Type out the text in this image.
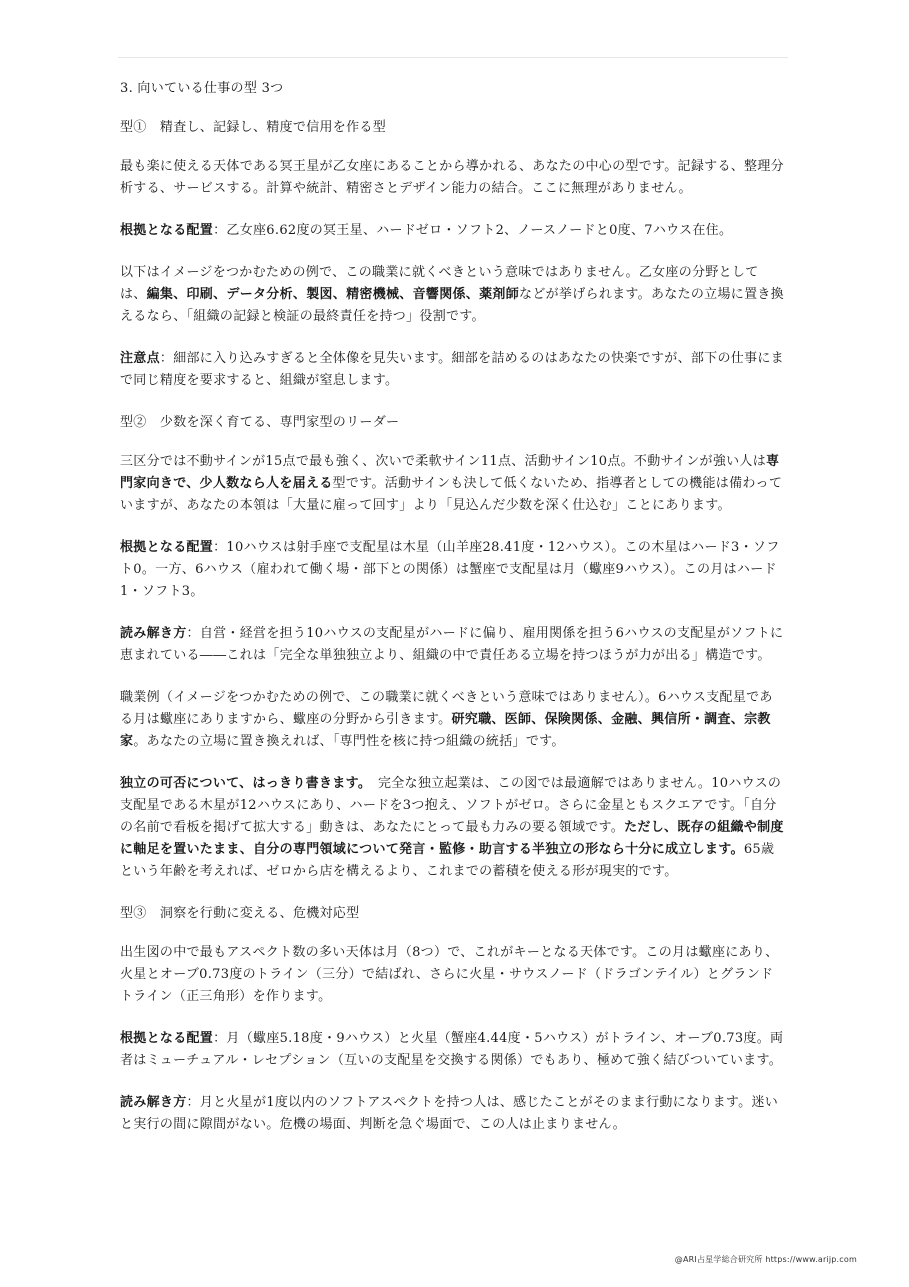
3. 向いている仕事の型 3つ

型①　精査し、記録し、精度で信用を作る型

最も楽に使える天体である冥王星が乙女座にあることから導かれる、あなたの中心の型です。記録する、整理分析する、サービスする。計算や統計、精密さとデザイン能力の結合。ここに無理がありません。

根拠となる配置：乙女座6.62度の冥王星、ハードゼロ・ソフト2、ノースノードと0度、7ハウス在住。

以下はイメージをつかむための例で、この職業に就くべきという意味ではありません。乙女座の分野としては、編集、印刷、データ分析、製図、精密機械、音響関係、薬剤師などが挙げられます。あなたの立場に置き換えるなら、「組織の記録と検証の最終責任を持つ」役割です。

注意点：細部に入り込みすぎると全体像を見失います。細部を詰めるのはあなたの快楽ですが、部下の仕事にまで同じ精度を要求すると、組織が窒息します。

型②　少数を深く育てる、専門家型のリーダー

三区分では不動サインが15点で最も強く、次いで柔軟サイン11点、活動サイン10点。不動サインが強い人は専門家向きで、少人数なら人を届える型です。活動サインも決して低くないため、指導者としての機能は備わっていますが、あなたの本領は「大量に雇って回す」より「見込んだ少数を深く仕込む」ことにあります。

根拠となる配置：10ハウスは射手座で支配星は木星（山羊座28.41度・12ハウス）。この木星はハード3・ソフト0。一方、6ハウス（雇われて働く場・部下との関係）は蟹座で支配星は月（蠍座9ハウス）。この月はハード1・ソフト3。

読み解き方：自営・経営を担う10ハウスの支配星がハードに偏り、雇用関係を担う6ハウスの支配星がソフトに恵まれている――これは「完全な単独独立より、組織の中で責任ある立場を持つほうが力が出る」構造です。

職業例（イメージをつかむための例で、この職業に就くべきという意味ではありません）。6ハウス支配星である月は蠍座にありますから、蠍座の分野から引きます。研究職、医師、保険関係、金融、興信所・調査、宗教家。あなたの立場に置き換えれば、「専門性を核に持つ組織の統括」です。

独立の可否について、はっきり書きます。　 完全な独立起業は、この図では最適解ではありません。10ハウスの支配星である木星が12ハウスにあり、ハードを3つ抱え、ソフトがゼロ。さらに金星ともスクエアです。「自分の名前で看板を掲げて拡大する」動きは、あなたにとって最も力みの要る領域です。ただし、既存の組織や制度に軸足を置いたまま、自分の専門領域について発言・監修・助言する半独立の形なら十分に成立します。65歳という年齢を考えれば、ゼロから店を構えるより、これまでの蓄積を使える形が現実的です。

型③　洞察を行動に変える、危機対応型

出生図の中で最もアスペクト数の多い天体は月（8つ）で、これがキーとなる天体です。この月は蠍座にあり、火星とオーブ0.73度のトライン（三分）で結ばれ、さらに火星・サウスノード（ドラゴンテイル）とグランドトライン（正三角形）を作ります。

根拠となる配置：月（蠍座5.18度・9ハウス）と火星（蟹座4.44度・5ハウス）がトライン、オーブ0.73度。両者はミューチュアル・レセプション（互いの支配星を交換する関係）でもあり、極めて強く結びついています。

読み解き方：月と火星が1度以内のソフトアスペクトを持つ人は、感じたことがそのまま行動になります。迷いと実行の間に隙間がない。危機の場面、判断を急ぐ場面で、この人は止まりません。

@ARI占星学総合研究所 https://www.arijp.com
